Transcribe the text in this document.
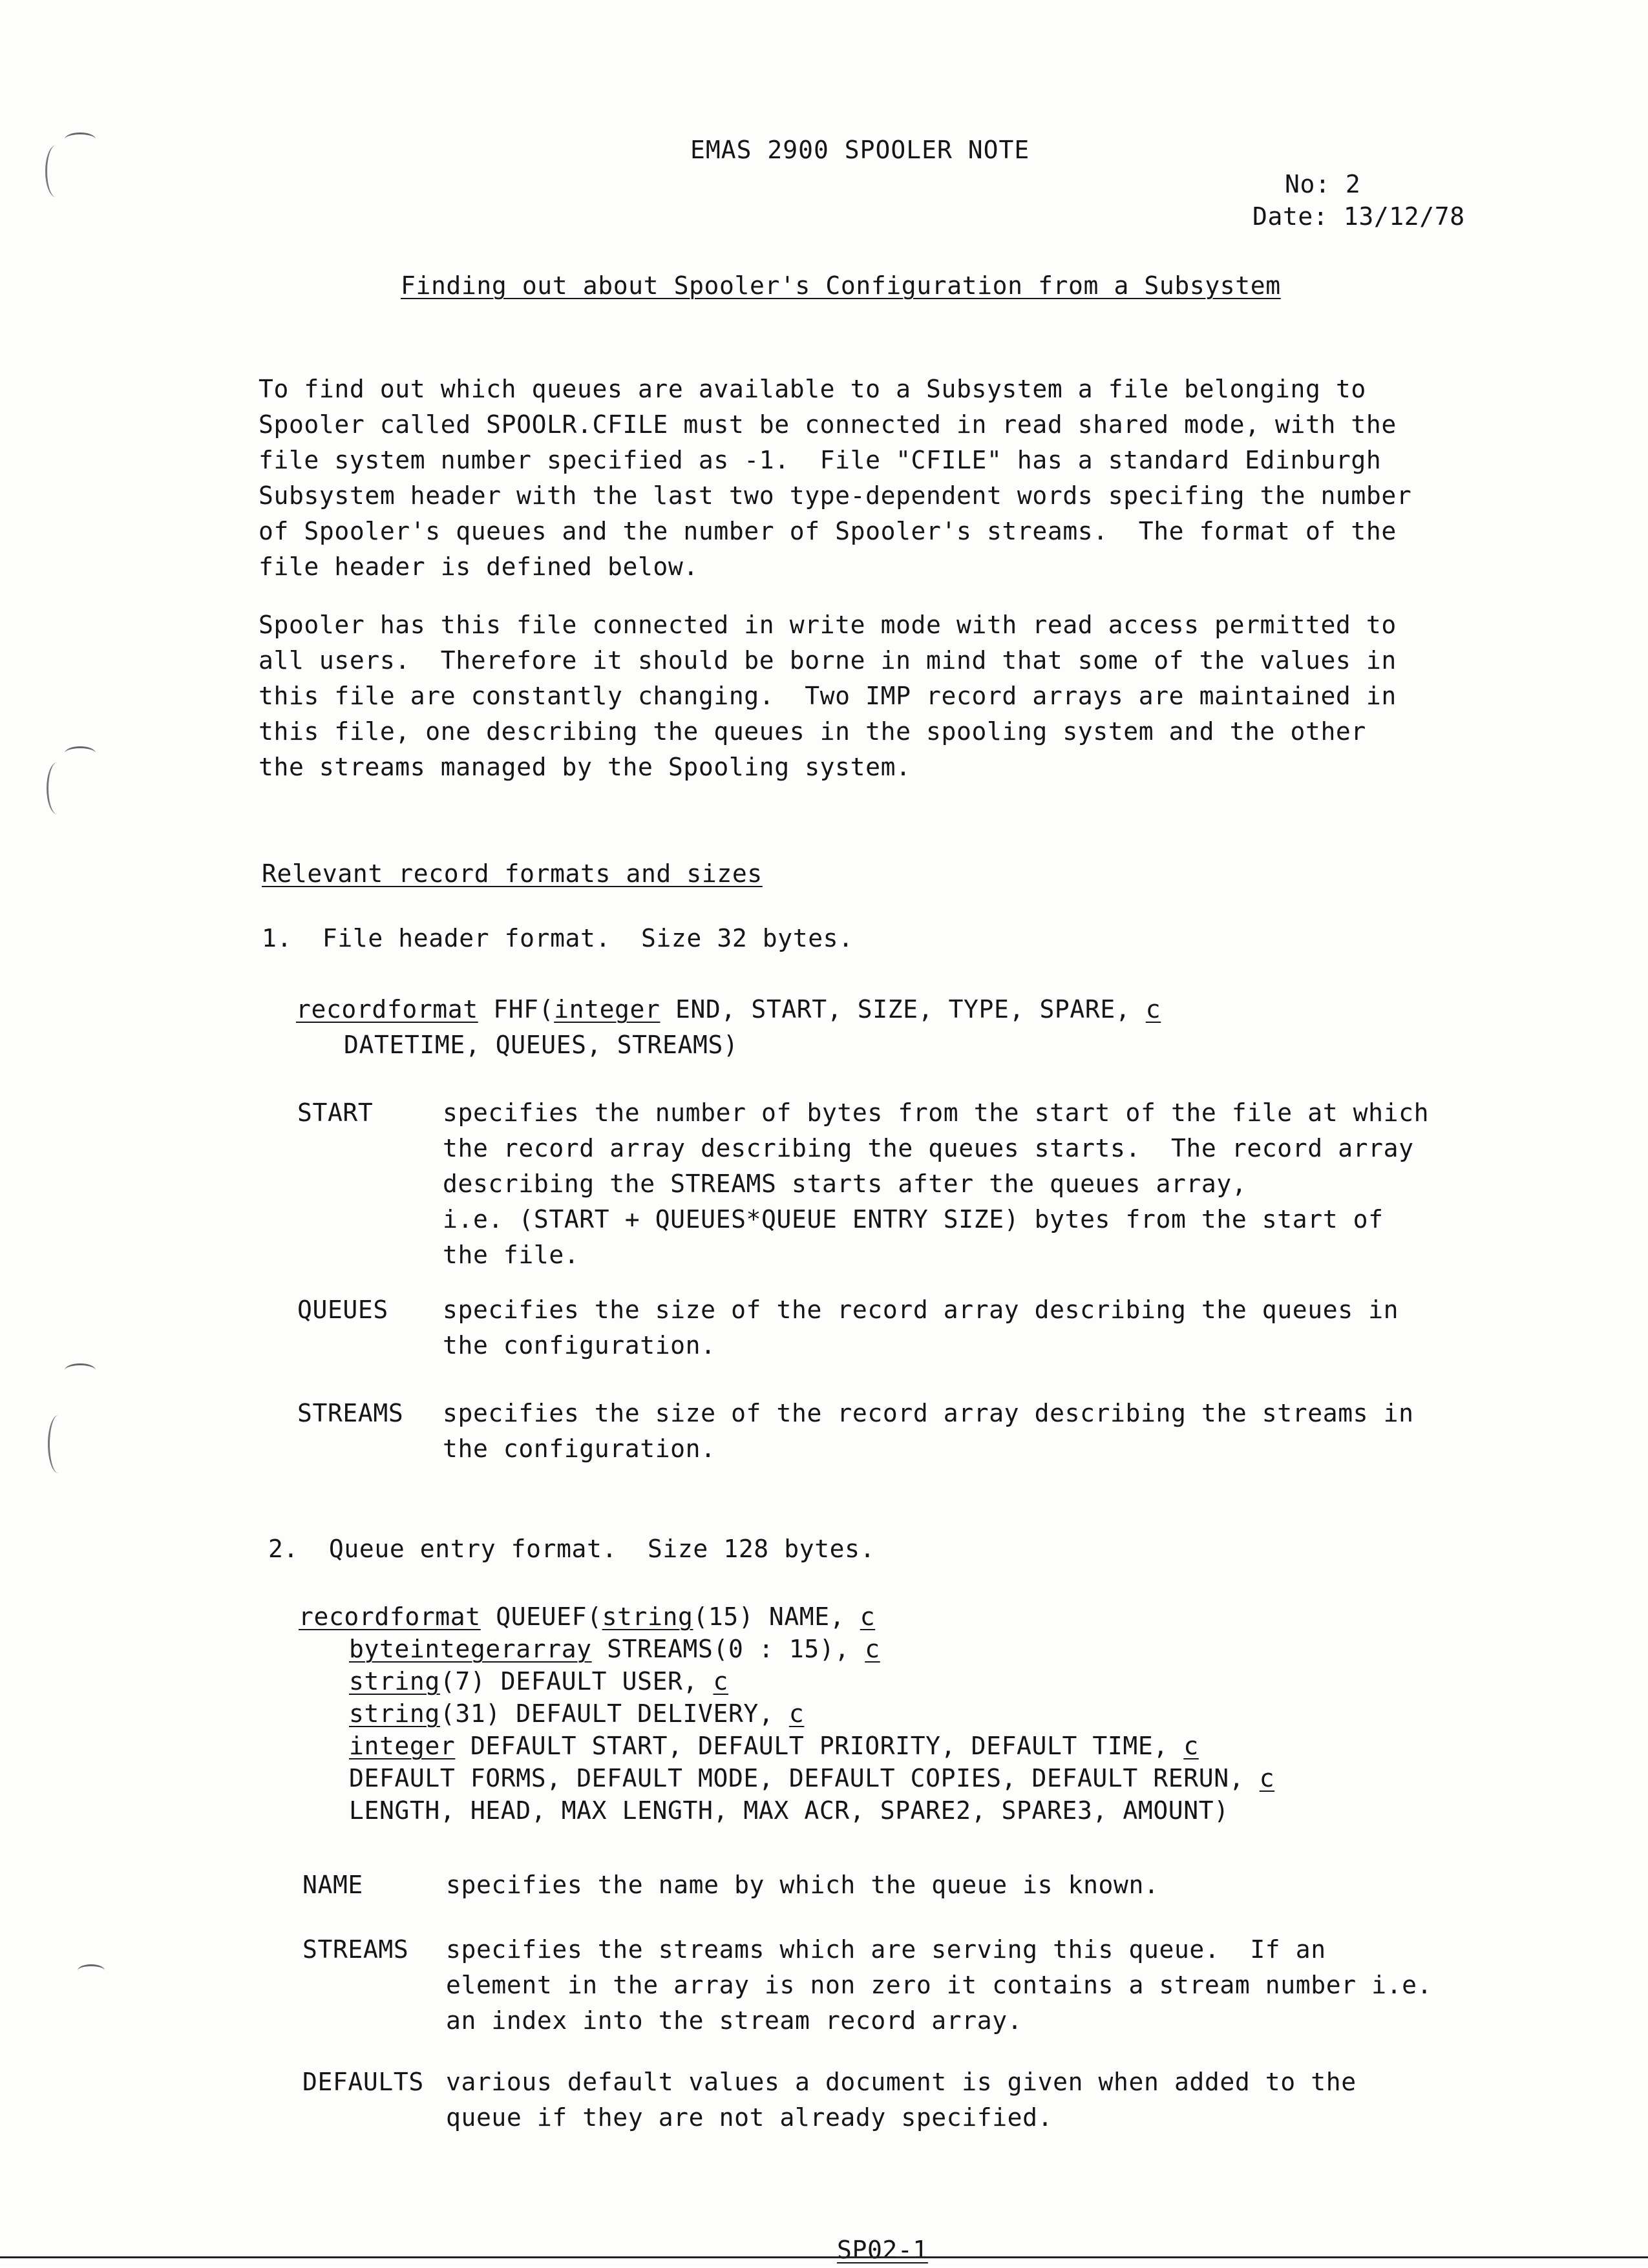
EMAS 2900 SPOOLER NOTE
No: 2
Date: 13/12/78
Finding out about Spooler's Configuration from a Subsystem
To find out which queues are available to a Subsystem a file belonging to
Spooler called SPOOLR.CFILE must be connected in read shared mode, with the
file system number specified as -1.  File "CFILE" has a standard Edinburgh
Subsystem header with the last two type-dependent words specifing the number
of Spooler's queues and the number of Spooler's streams.  The format of the
file header is defined below.
Spooler has this file connected in write mode with read access permitted to
all users.  Therefore it should be borne in mind that some of the values in
this file are constantly changing.  Two IMP record arrays are maintained in
this file, one describing the queues in the spooling system and the other
the streams managed by the Spooling system.
Relevant record formats and sizes
1.  File header format.  Size 32 bytes.
recordformat FHF(integer END, START, SIZE, TYPE, SPARE, c
DATETIME, QUEUES, STREAMS)
START	specifies the number of bytes from the start of the file at which
the record array describing the queues starts.  The record array
describing the STREAMS starts after the queues array,
i.e. (START + QUEUES*QUEUE ENTRY SIZE) bytes from the start of
the file.
QUEUES specifies the size of the record array describing the queues in
the configuration.
STREAMS specifies the size of the record array describing the streams in
the configuration.
2.  Queue entry format.  Size 128 bytes.
recordformat QUEUEF(string(15) NAME, c
byteintegerarray STREAMS(0 : 15), c
string(7) DEFAULT USER, c
string(31) DEFAULT DELIVERY, c
integer DEFAULT START, DEFAULT PRIORITY, DEFAULT TIME, c
DEFAULT FORMS, DEFAULT MODE, DEFAULT COPIES, DEFAULT RERUN, c
LENGTH, HEAD, MAX LENGTH, MAX ACR, SPARE2, SPARE3, AMOUNT)
NAME	specifies the name by which the queue is known.
STREAMS specifies the streams which are serving this queue.  If an
element in the array is non zero it contains a stream number i.e.
an index into the stream record array.
DEFAULTS various default values a document is given when added to the
queue if they are not already specified.
SP02-1
